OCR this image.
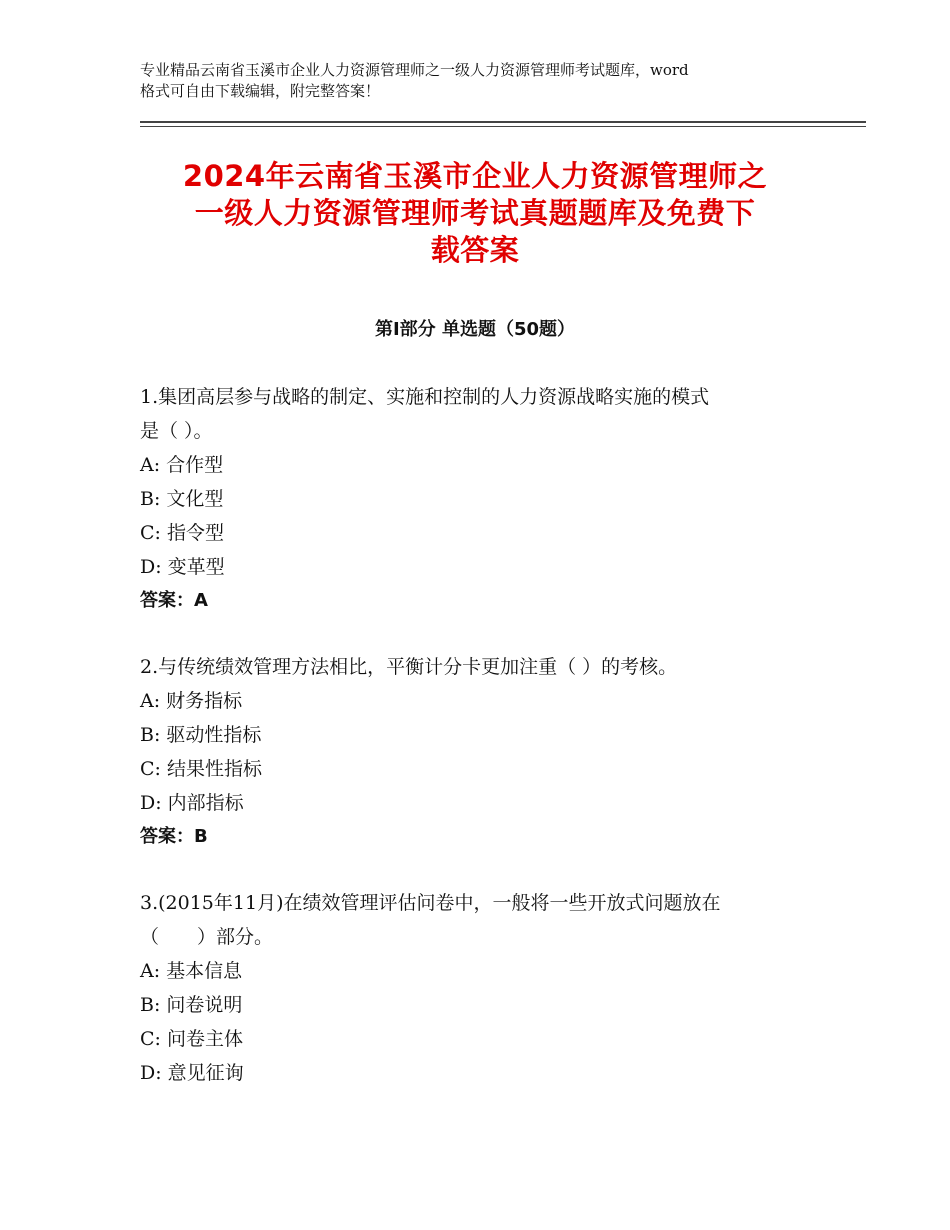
专业精品云南省玉溪市企业人力资源管理师之一级人力资源管理师考试题库，word
格式可自由下载编辑，附完整答案！
2024年云南省玉溪市企业人力资源管理师之
一级人力资源管理师考试真题题库及免费下
载答案
第Ⅰ部分 单选题（50题）
1.集团高层参与战略的制定、实施和控制的人力资源战略实施的模式
是（ ）。
A: 合作型
B: 文化型
C: 指令型
D: 变革型
答案：A
2.与传统绩效管理方法相比，平衡计分卡更加注重（ ）的考核。
A: 财务指标
B: 驱动性指标
C: 结果性指标
D: 内部指标
答案：B
3.(2015年11月)在绩效管理评估问卷中，一般将一些开放式问题放在
（　　）部分。
A: 基本信息
B: 问卷说明
C: 问卷主体
D: 意见征询
